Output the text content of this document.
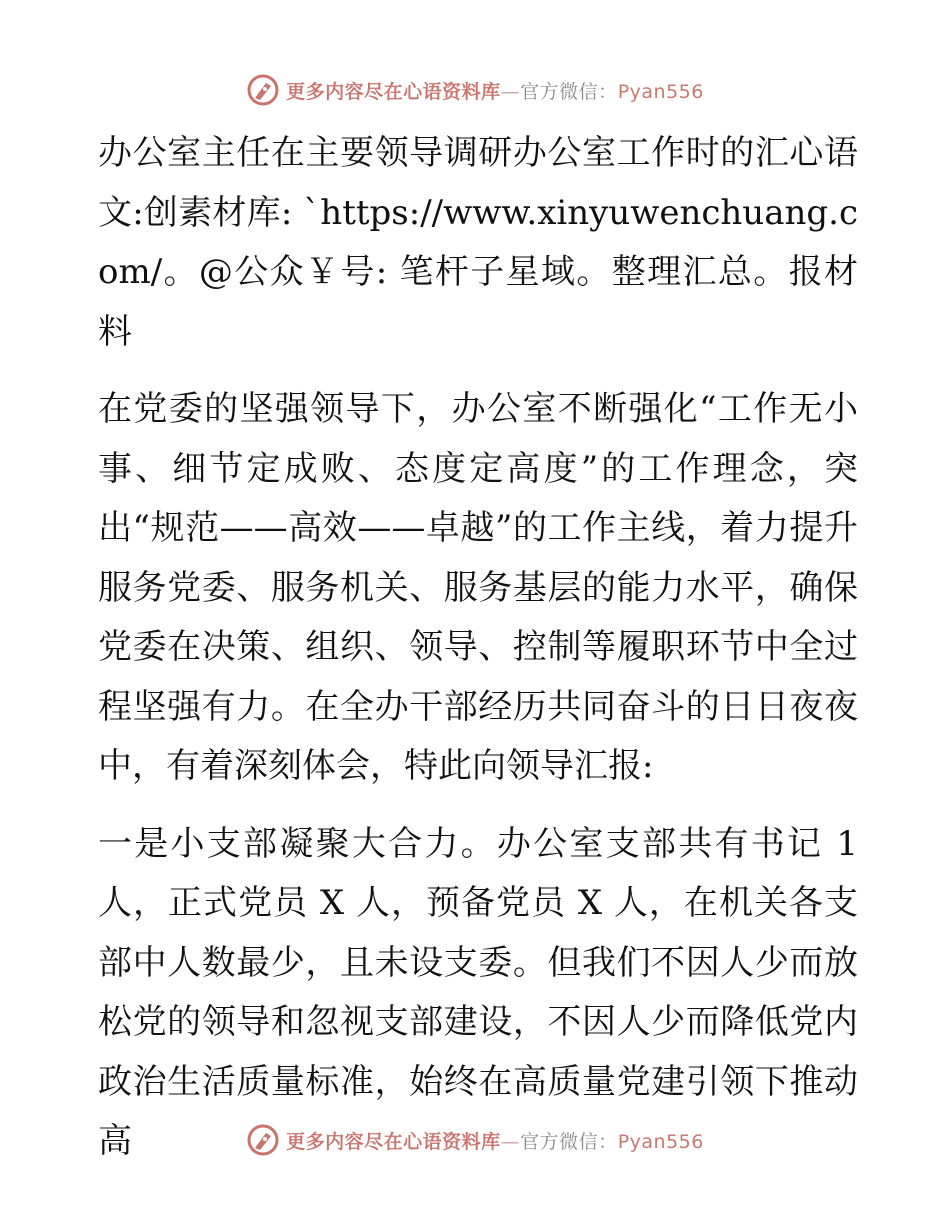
更多内容尽在心语资料库—官方微信：Pyan556

办公室主任在主要领导调研办公室工作时的汇心语文:创素材库: `https://www.xinyuwenchuang.com/。@公众￥号: 笔杆子星域。整理汇总。报材料

在党委的坚强领导下，办公室不断强化“工作无小事、细节定成败、态度定高度”的工作理念，突出“规范——高效——卓越”的工作主线，着力提升服务党委、服务机关、服务基层的能力水平，确保党委在决策、组织、领导、控制等履职环节中全过程坚强有力。在全办干部经历共同奋斗的日日夜夜中，有着深刻体会，特此向领导汇报:

一是小支部凝聚大合力。办公室支部共有书记 1 人，正式党员 X 人，预备党员 X 人，在机关各支部中人数最少，且未设支委。但我们不因人少而放松党的领导和忽视支部建设，不因人少而降低党内政治生活质量标准，始终在高质量党建引领下推动高	更多内容尽在心语资料库—官方微信：Pyan556
